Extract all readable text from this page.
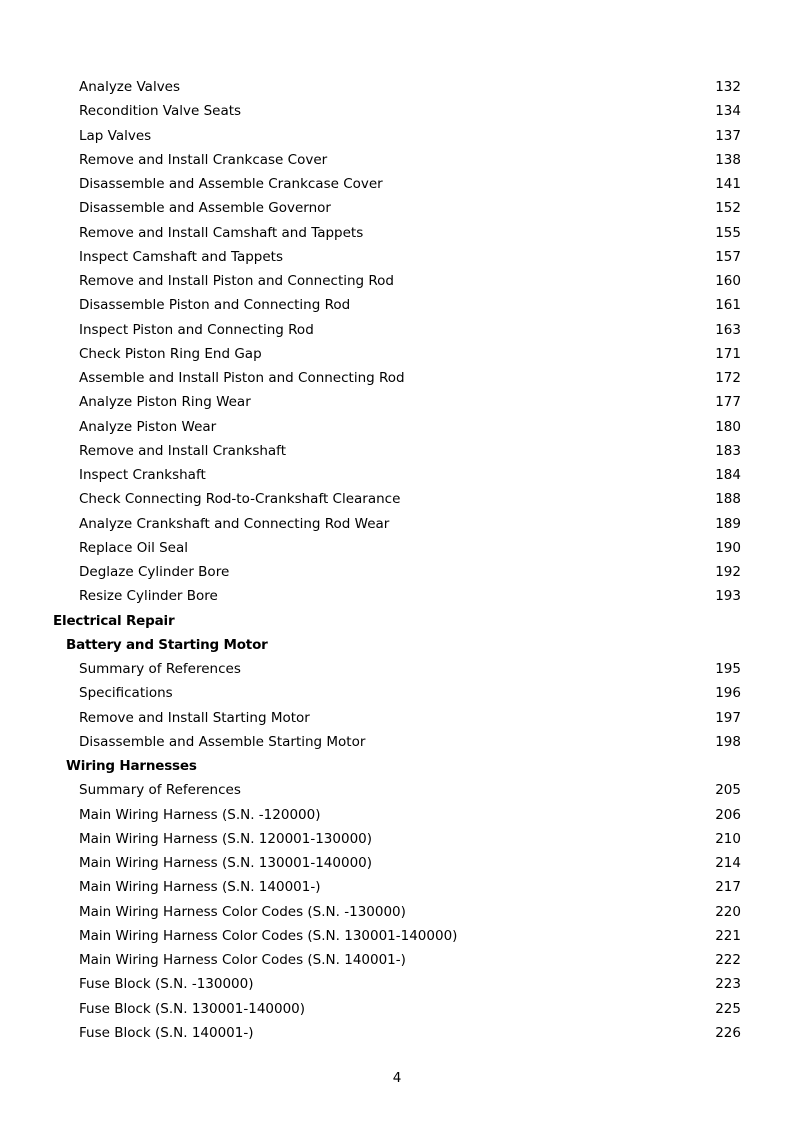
Analyze Valves	132
Recondition Valve Seats	134
Lap Valves	137
Remove and Install Crankcase Cover	138
Disassemble and Assemble Crankcase Cover	141
Disassemble and Assemble Governor	152
Remove and Install Camshaft and Tappets	155
Inspect Camshaft and Tappets	157
Remove and Install Piston and Connecting Rod	160
Disassemble Piston and Connecting Rod	161
Inspect Piston and Connecting Rod	163
Check Piston Ring End Gap	171
Assemble and Install Piston and Connecting Rod	172
Analyze Piston Ring Wear	177
Analyze Piston Wear	180
Remove and Install Crankshaft	183
Inspect Crankshaft	184
Check Connecting Rod-to-Crankshaft Clearance	188
Analyze Crankshaft and Connecting Rod Wear	189
Replace Oil Seal	190
Deglaze Cylinder Bore	192
Resize Cylinder Bore	193
Electrical Repair
Battery and Starting Motor
Summary of References	195
Specifications	196
Remove and Install Starting Motor	197
Disassemble and Assemble Starting Motor	198
Wiring Harnesses
Summary of References	205
Main Wiring Harness (S.N. -120000)	206
Main Wiring Harness (S.N. 120001-130000)	210
Main Wiring Harness (S.N. 130001-140000)	214
Main Wiring Harness (S.N. 140001-)	217
Main Wiring Harness Color Codes (S.N. -130000)	220
Main Wiring Harness Color Codes (S.N. 130001-140000)	221
Main Wiring Harness Color Codes (S.N. 140001-)	222
Fuse Block (S.N. -130000)	223
Fuse Block (S.N. 130001-140000)	225
Fuse Block (S.N. 140001-)	226
4
